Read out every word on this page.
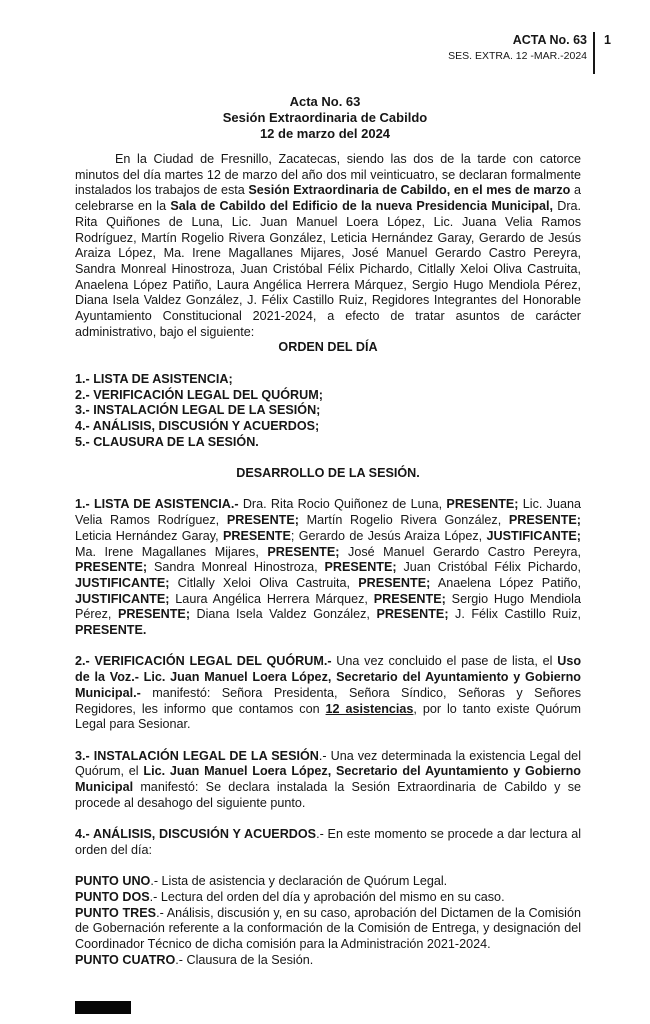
ACTA No. 63
SES. EXTRA. 12 -MAR.-2024
1
Acta No. 63
Sesión Extraordinaria de Cabildo
12 de marzo del 2024
En la Ciudad de Fresnillo, Zacatecas, siendo las dos de la tarde con catorce minutos del día martes 12 de marzo del año dos mil veinticuatro, se declaran formalmente instalados los trabajos de esta Sesión Extraordinaria de Cabildo, en el mes de marzo a celebrarse en la Sala de Cabildo del Edificio de la nueva Presidencia Municipal, Dra. Rita Quiñones de Luna, Lic. Juan Manuel Loera López, Lic. Juana Velia Ramos Rodríguez, Martín Rogelio Rivera González, Leticia Hernández Garay, Gerardo de Jesús Araiza López, Ma. Irene Magallanes Mijares, José Manuel Gerardo Castro Pereyra, Sandra Monreal Hinostroza, Juan Cristóbal Félix Pichardo, Citlally Xeloi Oliva Castruita, Anaelena López Patiño, Laura Angélica Herrera Márquez, Sergio Hugo Mendiola Pérez, Diana Isela Valdez González, J. Félix Castillo Ruiz, Regidores Integrantes del Honorable Ayuntamiento Constitucional 2021-2024, a efecto de tratar asuntos de carácter administrativo, bajo el siguiente:
ORDEN DEL DÍA
1.- LISTA DE ASISTENCIA;
2.- VERIFICACIÓN LEGAL DEL QUÓRUM;
3.- INSTALACIÓN LEGAL DE LA SESIÓN;
4.- ANÁLISIS, DISCUSIÓN Y ACUERDOS;
5.- CLAUSURA DE LA SESIÓN.
DESARROLLO DE LA SESIÓN.
1.- LISTA DE ASISTENCIA.- Dra. Rita Rocio Quiñonez de Luna, PRESENTE; Lic. Juana Velia Ramos Rodríguez, PRESENTE; Martín Rogelio Rivera González, PRESENTE; Leticia Hernández Garay, PRESENTE; Gerardo de Jesús Araiza López, JUSTIFICANTE; Ma. Irene Magallanes Mijares, PRESENTE; José Manuel Gerardo Castro Pereyra, PRESENTE; Sandra Monreal Hinostroza, PRESENTE; Juan Cristóbal Félix Pichardo, JUSTIFICANTE; Citlally Xeloi Oliva Castruita, PRESENTE; Anaelena López Patiño, JUSTIFICANTE; Laura Angélica Herrera Márquez, PRESENTE; Sergio Hugo Mendiola Pérez, PRESENTE; Diana Isela Valdez González, PRESENTE; J. Félix Castillo Ruiz, PRESENTE.
2.- VERIFICACIÓN LEGAL DEL QUÓRUM.- Una vez concluido el pase de lista, el Uso de la Voz.- Lic. Juan Manuel Loera López, Secretario del Ayuntamiento y Gobierno Municipal.- manifestó: Señora Presidenta, Señora Síndico, Señoras y Señores Regidores, les informo que contamos con 12 asistencias, por lo tanto existe Quórum Legal para Sesionar.
3.- INSTALACIÓN LEGAL DE LA SESIÓN.- Una vez determinada la existencia Legal del Quórum, el Lic. Juan Manuel Loera López, Secretario del Ayuntamiento y Gobierno Municipal manifestó: Se declara instalada la Sesión Extraordinaria de Cabildo y se procede al desahogo del siguiente punto.
4.- ANÁLISIS, DISCUSIÓN Y ACUERDOS.- En este momento se procede a dar lectura al orden del día:
PUNTO UNO.- Lista de asistencia y declaración de Quórum Legal.
PUNTO DOS.- Lectura del orden del día y aprobación del mismo en su caso.
PUNTO TRES.- Análisis, discusión y, en su caso, aprobación del Dictamen de la Comisión de Gobernación referente a la conformación de la Comisión de Entrega, y designación del Coordinador Técnico de dicha comisión para la Administración 2021-2024.
PUNTO CUATRO.- Clausura de la Sesión.
